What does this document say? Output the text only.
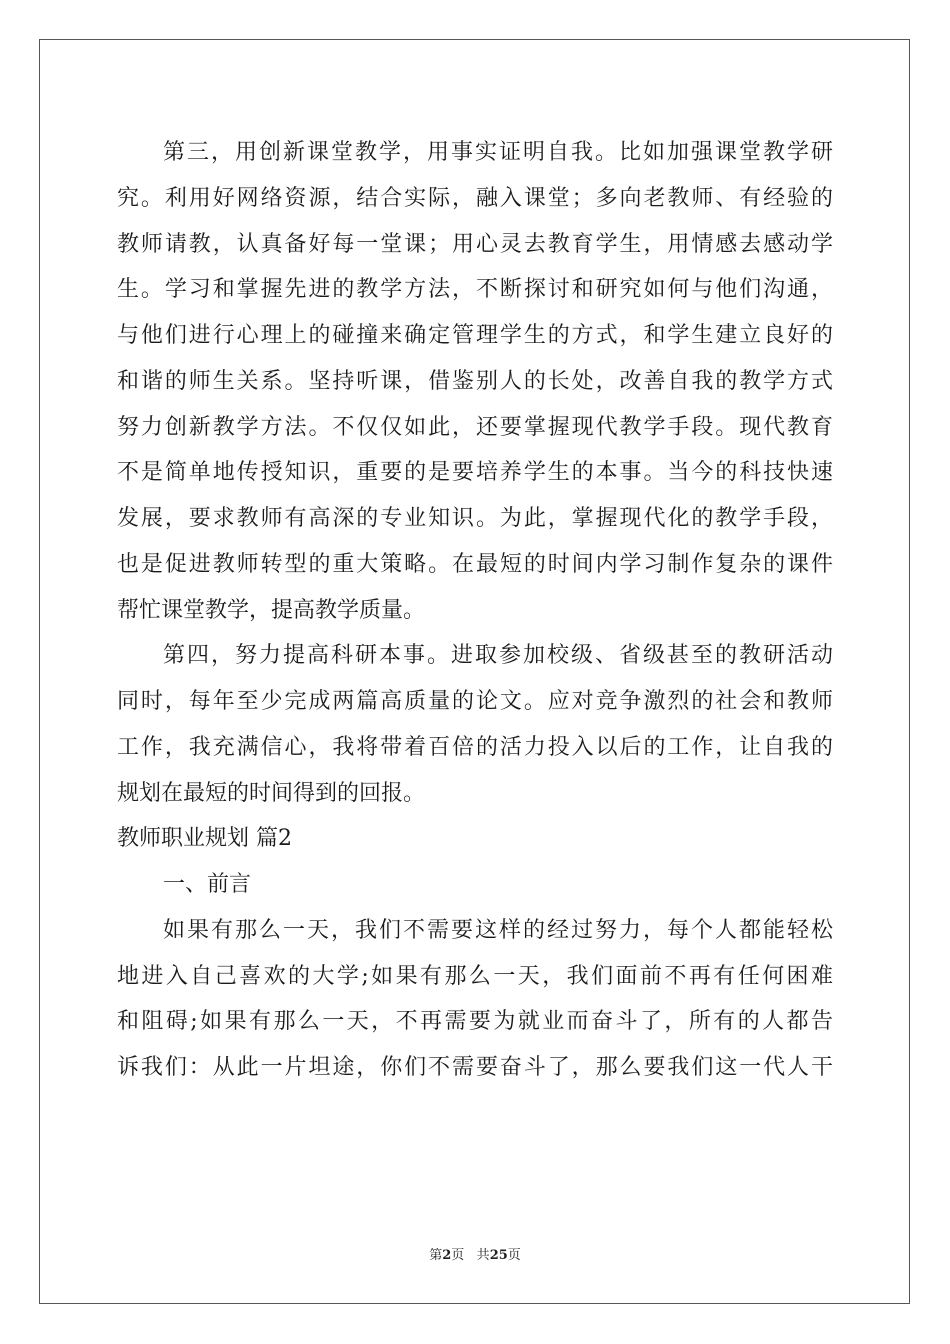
第三，用创新课堂教学，用事实证明自我。比如加强课堂教学研
究。利用好网络资源，结合实际，融入课堂；多向老教师、有经验的
教师请教，认真备好每一堂课；用心灵去教育学生，用情感去感动学
生。学习和掌握先进的教学方法，不断探讨和研究如何与他们沟通，
与他们进行心理上的碰撞来确定管理学生的方式，和学生建立良好的
和谐的师生关系。坚持听课，借鉴别人的长处，改善自我的教学方式
努力创新教学方法。不仅仅如此，还要掌握现代教学手段。现代教育
不是简单地传授知识，重要的是要培养学生的本事。当今的科技快速
发展，要求教师有高深的专业知识。为此，掌握现代化的教学手段，
也是促进教师转型的重大策略。在最短的时间内学习制作复杂的课件
帮忙课堂教学，提高教学质量。
第四，努力提高科研本事。进取参加校级、省级甚至的教研活动
同时，每年至少完成两篇高质量的论文。应对竞争激烈的社会和教师
工作，我充满信心，我将带着百倍的活力投入以后的工作，让自我的
规划在最短的时间得到的回报。
教师职业规划 篇2
一、前言
如果有那么一天，我们不需要这样的经过努力，每个人都能轻松
地进入自己喜欢的大学;如果有那么一天，我们面前不再有任何困难
和阻碍;如果有那么一天，不再需要为就业而奋斗了，所有的人都告
诉我们：从此一片坦途，你们不需要奋斗了，那么要我们这一代人干
第2页 共25页
